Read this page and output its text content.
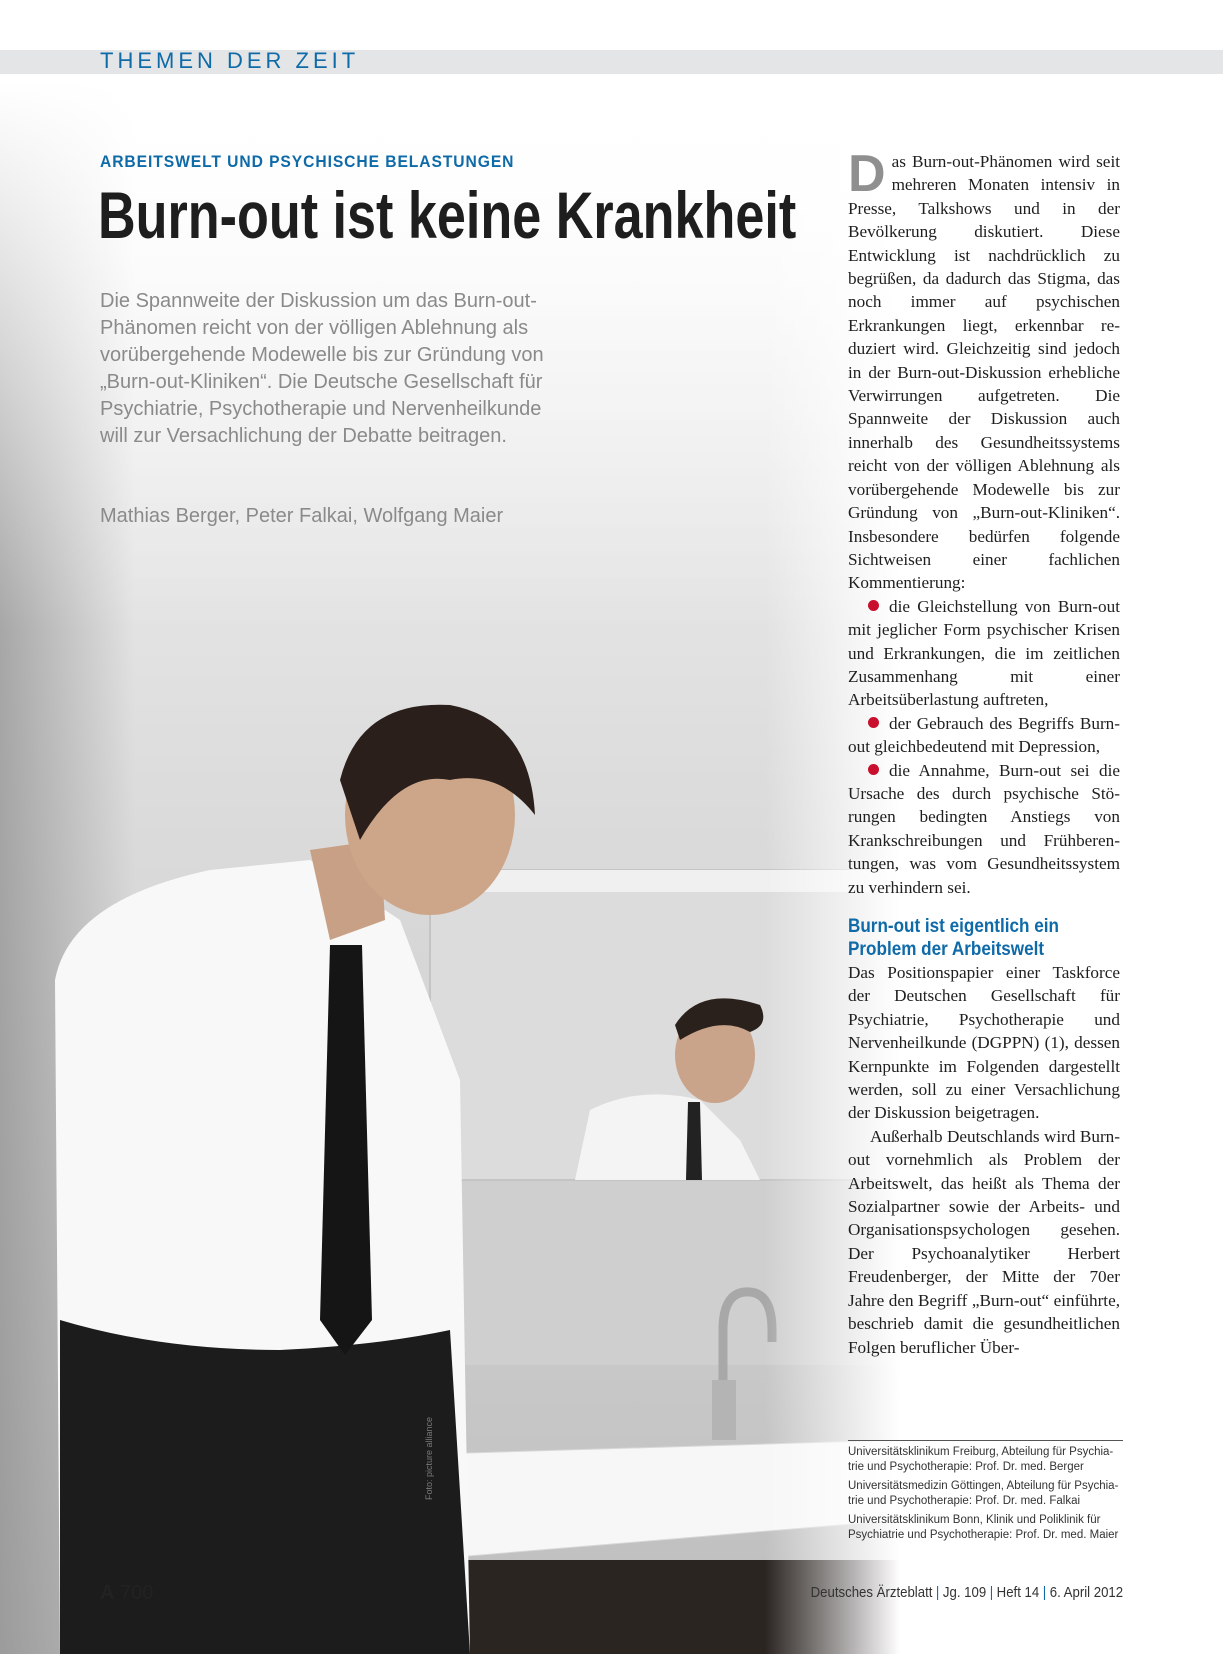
THEMEN DER ZEIT
Foto: picture alliance
ARBEITSWELT UND PSYCHISCHE BELASTUNGEN
Burn-out ist keine Krankheit

Die Spannweite der Diskussion um das Burn-out-Phänomen reicht von der völligen Ablehnung als vorübergehende Modewelle bis zur Gründung von „Burn-out-Kliniken“. Die Deutsche Gesellschaft für Psychiatrie, Psychotherapie und Nervenheilkunde will zur Versachlichung der Debatte beitragen.

Mathias Berger, Peter Falkai, Wolfgang Maier

Das Burn-out-Phänomen wird seit mehreren Monaten intensiv in Presse, Talkshows und in der Bevölkerung diskutiert. Diese Entwicklung ist nachdrücklich zu begrüßen, da dadurch das Stigma, das noch immer auf psychischen Erkrankungen liegt, erkennbar reduziert wird. Gleichzeitig sind jedoch in der Burn-out-Diskussion erhebliche Verwirrungen aufgetreten. Die Spannweite der Diskussion auch innerhalb des Gesundheitssystems reicht von der völligen Ablehnung als vorübergehende Modewelle bis zur Gründung von „Burn-out-Kliniken“. Insbesondere bedürfen folgende Sichtweisen einer fachlichen Kommentierung:

die Gleichstellung von Burn-out mit jeglicher Form psychischer Krisen und Erkrankungen, die im zeitlichen Zusammenhang mit einer Arbeitsüberlastung auftreten,
der Gebrauch des Begriffs Burn-out gleichbedeutend mit Depression,
die Annahme, Burn-out sei die Ursache des durch psychische Störungen bedingten Anstiegs von Krankschreibungen und Frühberentungen, was vom Gesundheitssystem zu verhindern sei.

Burn-out ist eigentlich ein Problem der Arbeitswelt

Das Positionspapier einer Taskforce der Deutschen Gesellschaft für Psychiatrie, Psychotherapie und Nervenheilkunde (DGPPN) (1), dessen Kernpunkte im Folgenden dargestellt werden, soll zu einer Versachlichung der Diskussion beigetragen.

Außerhalb Deutschlands wird Burn-out vornehmlich als Problem der Arbeitswelt, das heißt als Thema der Sozialpartner sowie der Arbeits- und Organisationspsychologen gesehen. Der Psychoanalytiker Herbert Freudenberger, der Mitte der 70er Jahre den Begriff „Burn-out“ einführte, beschrieb damit die gesundheitlichen Folgen beruflicher Über-

Universitätsklinikum Freiburg, Abteilung für Psychiatrie und Psychotherapie: Prof. Dr. med. Berger

Universitätsmedizin Göttingen, Abteilung für Psychiatrie und Psychotherapie: Prof. Dr. med. Falkai

Universitätsklinikum Bonn, Klinik und Poliklinik für Psychiatrie und Psychotherapie: Prof. Dr. med. Maier

A 700	Deutsches Ärzteblatt | Jg. 109 | Heft 14 | 6. April 2012
